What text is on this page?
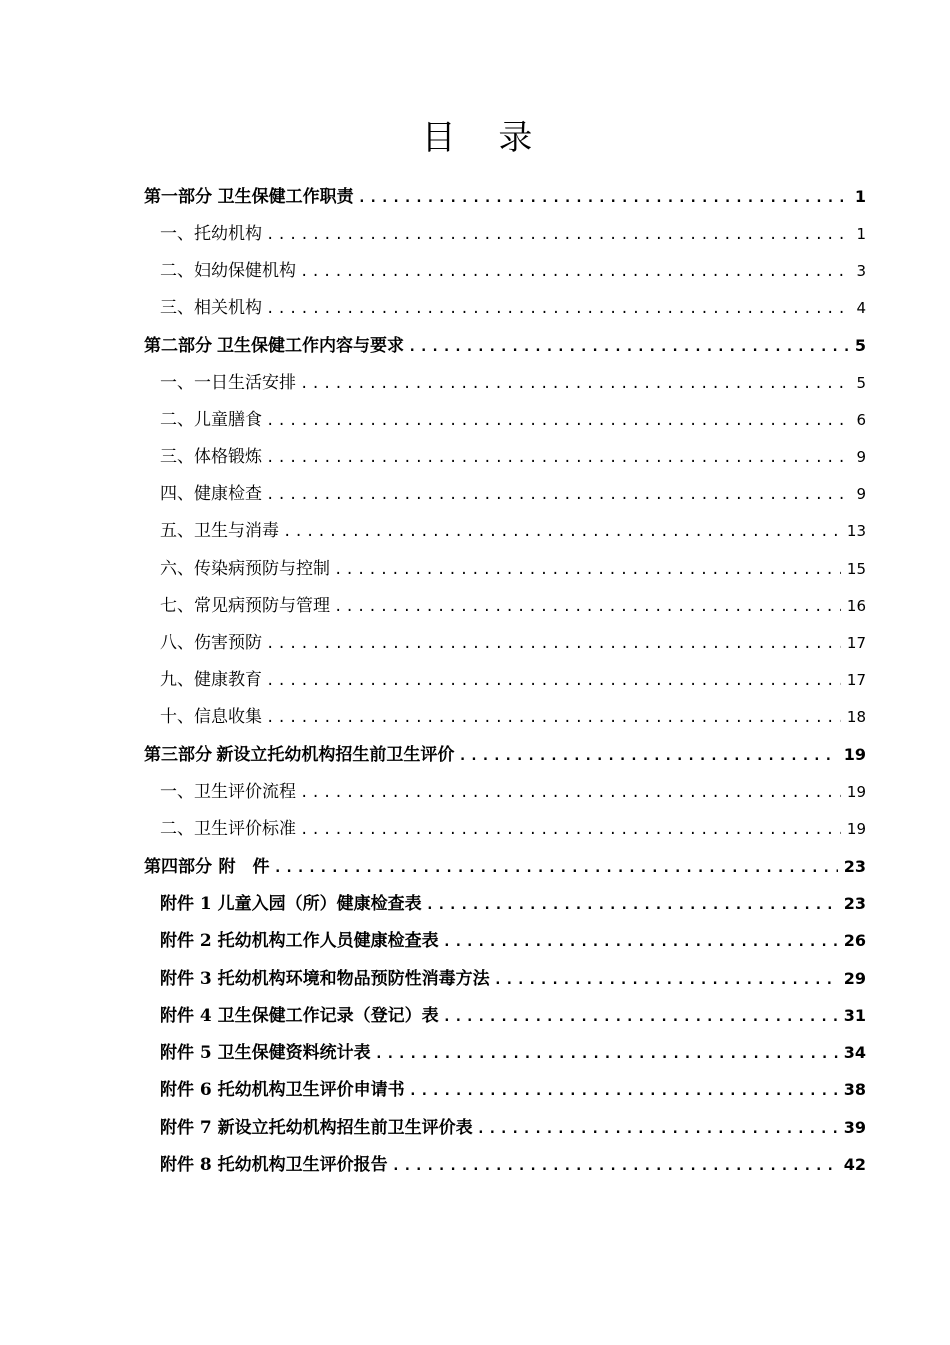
目 录
第一部分 卫生保健工作职责 .....	1
一、托幼机构 .....	1
二、妇幼保健机构 .....	3
三、相关机构 .....	4
第二部分 卫生保健工作内容与要求 .....	5
一、一日生活安排 .....	5
二、儿童膳食 .....	6
三、体格锻炼 .....	9
四、健康检查 .....	9
五、卫生与消毒 .....	13
六、传染病预防与控制 .....	15
七、常见病预防与管理 .....	16
八、伤害预防 .....	17
九、健康教育 .....	17
十、信息收集 .....	18
第三部分 新设立托幼机构招生前卫生评价 .....	19
一、卫生评价流程 .....	19
二、卫生评价标准 .....	19
第四部分 附　件 .....	23
附件 1 儿童入园（所）健康检查表 .....	23
附件 2 托幼机构工作人员健康检查表 .....	26
附件 3 托幼机构环境和物品预防性消毒方法 .....	29
附件 4 卫生保健工作记录（登记）表 .....	31
附件 5 卫生保健资料统计表 .....	34
附件 6 托幼机构卫生评价申请书 .....	38
附件 7 新设立托幼机构招生前卫生评价表 .....	39
附件 8 托幼机构卫生评价报告 .....	42
